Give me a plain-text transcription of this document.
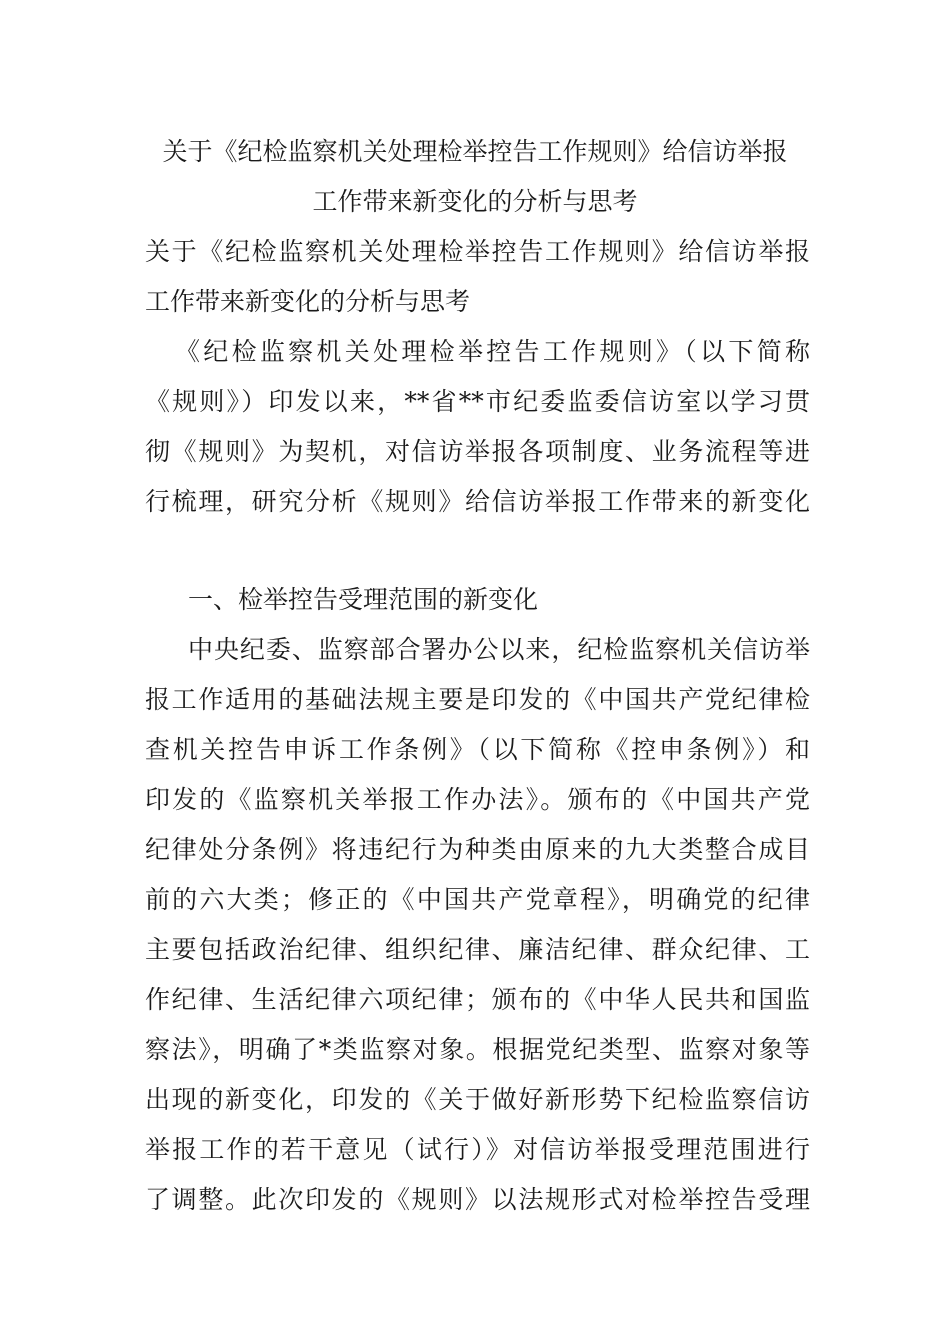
关于《纪检监察机关处理检举控告工作规则》给信访举报
工作带来新变化的分析与思考
关于《纪检监察机关处理检举控告工作规则》给信访举报
工作带来新变化的分析与思考
《纪检监察机关处理检举控告工作规则》（以下简称
《规则》）印发以来，**省**市纪委监委信访室以学习贯
彻《规则》为契机，对信访举报各项制度、业务流程等进
行梳理，研究分析《规则》给信访举报工作带来的新变化
一、检举控告受理范围的新变化
中央纪委、监察部合署办公以来，纪检监察机关信访举
报工作适用的基础法规主要是印发的《中国共产党纪律检
查机关控告申诉工作条例》（以下简称《控申条例》）和
印发的《监察机关举报工作办法》。颁布的《中国共产党
纪律处分条例》将违纪行为种类由原来的九大类整合成目
前的六大类；修正的《中国共产党章程》，明确党的纪律
主要包括政治纪律、组织纪律、廉洁纪律、群众纪律、工
作纪律、生活纪律六项纪律；颁布的《中华人民共和国监
察法》，明确了*类监察对象。根据党纪类型、监察对象等
出现的新变化，印发的《关于做好新形势下纪检监察信访
举报工作的若干意见（试行）》对信访举报受理范围进行
了调整。此次印发的《规则》以法规形式对检举控告受理
